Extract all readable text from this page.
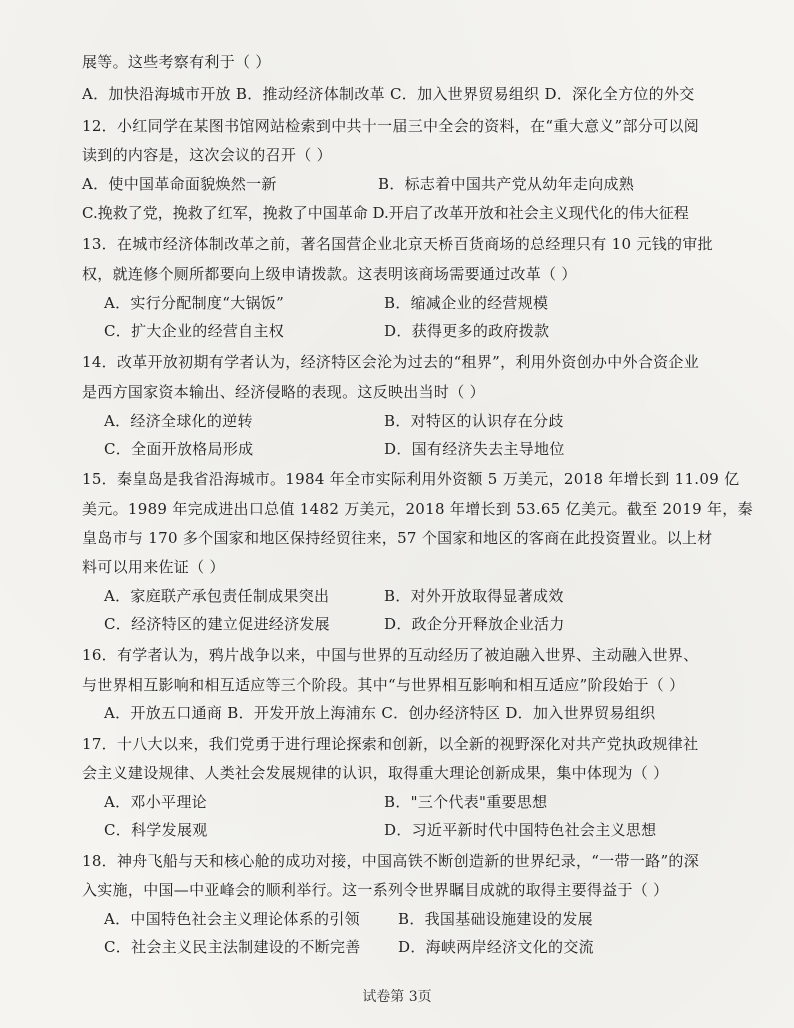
展等。这些考察有利于（ ）
A．加快沿海城市开放 B．推动经济体制改革 C．加入世界贸易组织 D．深化全方位的外交
12．小红同学在某图书馆网站检索到中共十一届三中全会的资料，在“重大意义”部分可以阅
读到的内容是，这次会议的召开（ ）
A．使中国革命面貌焕然一新	B．标志着中国共产党从幼年走向成熟
C.挽救了党，挽救了红军，挽救了中国革命 D.开启了改革开放和社会主义现代化的伟大征程
13．在城市经济体制改革之前，著名国营企业北京天桥百货商场的总经理只有 10 元钱的审批
权，就连修个厕所都要向上级申请拨款。这表明该商场需要通过改革（ ）
A．实行分配制度“大锅饭”	B．缩减企业的经营规模
C．扩大企业的经营自主权	D．获得更多的政府拨款
14．改革开放初期有学者认为，经济特区会沦为过去的“租界”，利用外资创办中外合资企业
是西方国家资本输出、经济侵略的表现。这反映出当时（ ）
A．经济全球化的逆转	B．对特区的认识存在分歧
C．全面开放格局形成	D．国有经济失去主导地位
15．秦皇岛是我省沿海城市。1984 年全市实际利用外资额 5 万美元，2018 年增长到 11.09 亿
美元。1989 年完成进出口总值 1482 万美元，2018 年增长到 53.65 亿美元。截至 2019 年，秦
皇岛市与 170 多个国家和地区保持经贸往来，57 个国家和地区的客商在此投资置业。以上材
料可以用来佐证（ ）
A．家庭联产承包责任制成果突出	B．对外开放取得显著成效
C．经济特区的建立促进经济发展	D．政企分开释放企业活力
16．有学者认为，鸦片战争以来，中国与世界的互动经历了被迫融入世界、主动融入世界、
与世界相互影响和相互适应等三个阶段。其中“与世界相互影响和相互适应”阶段始于（ ）
A．开放五口通商 B．开发开放上海浦东 C．创办经济特区 D．加入世界贸易组织
17．十八大以来，我们党勇于进行理论探索和创新，以全新的视野深化对共产党执政规律社
会主义建设规律、人类社会发展规律的认识，取得重大理论创新成果，集中体现为（ ）
A．邓小平理论	B．"三个代表"重要思想
C．科学发展观	D．习近平新时代中国特色社会主义思想
18．神舟飞船与天和核心舱的成功对接，中国高铁不断创造新的世界纪录，“一带一路”的深
入实施，中国—中亚峰会的顺利举行。这一系列令世界瞩目成就的取得主要得益于（ ）
A．中国特色社会主义理论体系的引领	B．我国基础设施建设的发展
C．社会主义民主法制建设的不断完善 D．海峡两岸经济文化的交流
试卷第 3页
